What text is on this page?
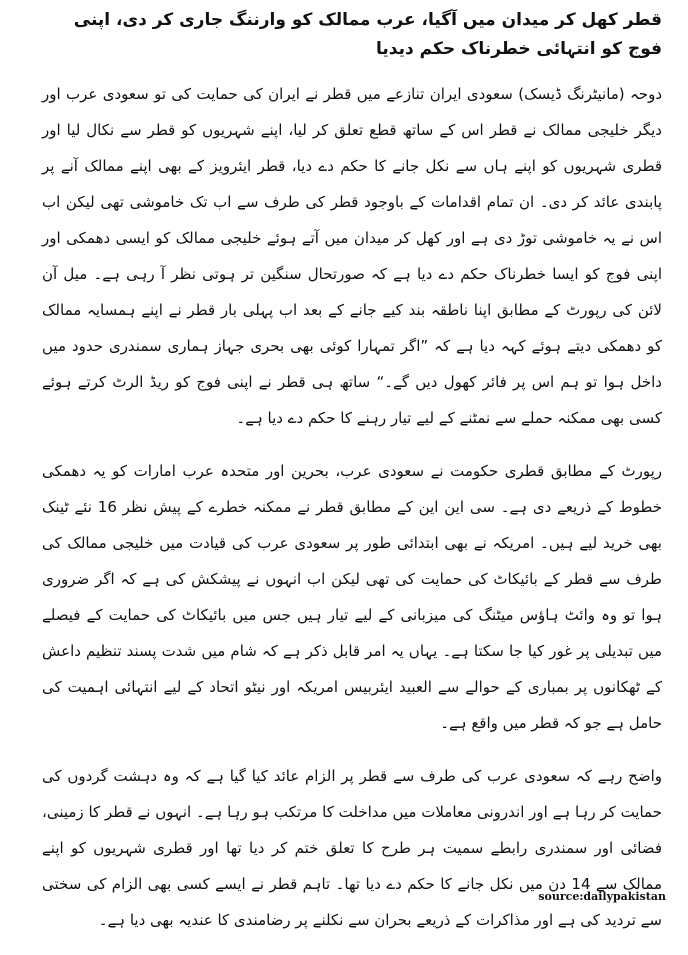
قطر کھل کر میدان میں آگیا، عرب ممالک کو وارننگ جاری کر دی، اپنی فوج کو انتہائی خطرناک حکم دیدیا

دوحہ (مانیٹرنگ ڈیسک) سعودی ایران تنازعے میں قطر نے ایران کی حمایت کی تو سعودی عرب اور دیگر خلیجی ممالک نے قطر اس کے ساتھ قطع تعلق کر لیا، اپنے شہریوں کو قطر سے نکال لیا اور قطری شہریوں کو اپنے ہاں سے نکل جانے کا حکم دے دیا، قطر ایئرویز کے بھی اپنے ممالک آنے پر پابندی عائد کر دی۔ ان تمام اقدامات کے باوجود قطر کی طرف سے اب تک خاموشی تھی لیکن اب اس نے یہ خاموشی توڑ دی ہے اور کھل کر میدان میں آتے ہوئے خلیجی ممالک کو ایسی دھمکی اور اپنی فوج کو ایسا خطرناک حکم دے دیا ہے کہ صورتحال سنگین تر ہوتی نظر آ رہی ہے۔ میل آن لائن کی رپورٹ کے مطابق اپنا ناطقہ بند کیے جانے کے بعد اب پہلی بار قطر نے اپنے ہمسایہ ممالک کو دھمکی دیتے ہوئے کہہ دیا ہے کہ ”اگر تمہارا کوئی بھی بحری جہاز ہماری سمندری حدود میں داخل ہوا تو ہم اس پر فائر کھول دیں گے۔“ ساتھ ہی قطر نے اپنی فوج کو ریڈ الرٹ کرتے ہوئے کسی بھی ممکنہ حملے سے نمٹنے کے لیے تیار رہنے کا حکم دے دیا ہے۔

رپورٹ کے مطابق قطری حکومت نے سعودی عرب، بحرین اور متحدہ عرب امارات کو یہ دھمکی خطوط کے ذریعے دی ہے۔ سی این این کے مطابق قطر نے ممکنہ خطرے کے پیش نظر 16 نئے ٹینک بھی خرید لیے ہیں۔ امریکہ نے بھی ابتدائی طور پر سعودی عرب کی قیادت میں خلیجی ممالک کی طرف سے قطر کے بائیکاٹ کی حمایت کی تھی لیکن اب انہوں نے پیشکش کی ہے کہ اگر ضروری ہوا تو وہ وائٹ ہاؤس میٹنگ کی میزبانی کے لیے تیار ہیں جس میں بائیکاٹ کی حمایت کے فیصلے میں تبدیلی پر غور کیا جا سکتا ہے۔ یہاں یہ امر قابل ذکر ہے کہ شام میں شدت پسند تنظیم داعش کے ٹھکانوں پر بمباری کے حوالے سے العبید ایئربیس امریکہ اور نیٹو اتحاد کے لیے انتہائی اہمیت کی حامل ہے جو کہ قطر میں واقع ہے۔

واضح رہے کہ سعودی عرب کی طرف سے قطر پر الزام عائد کیا گیا ہے کہ وہ دہشت گردوں کی حمایت کر رہا ہے اور اندرونی معاملات میں مداخلت کا مرتکب ہو رہا ہے۔ انہوں نے قطر کا زمینی، فضائی اور سمندری رابطے سمیت ہر طرح کا تعلق ختم کر دیا تھا اور قطری شہریوں کو اپنے ممالک سے 14 دن میں نکل جانے کا حکم دے دیا تھا۔ تاہم قطر نے ایسے کسی بھی الزام کی سختی سے تردید کی ہے اور مذاکرات کے ذریعے بحران سے نکلنے پر رضامندی کا عندیہ بھی دیا ہے۔

source:dailypakistan
